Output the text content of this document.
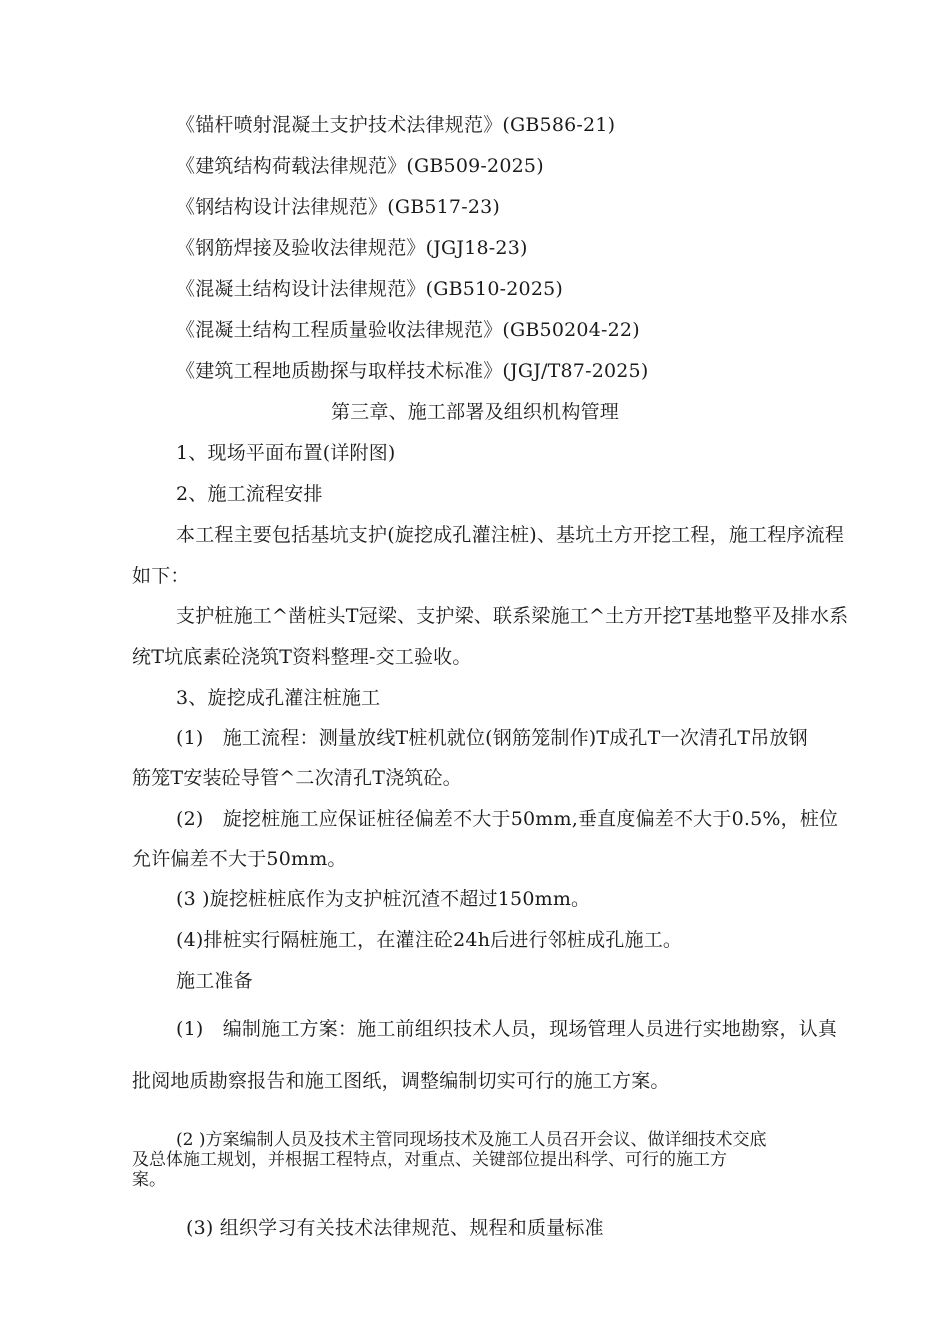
《锚杆喷射混凝土支护技术法律规范》(GB586-21)

《建筑结构荷载法律规范》(GB509-2025)

《钢结构设计法律规范》(GB517-23)

《钢筋焊接及验收法律规范》(JGJ18-23)

《混凝土结构设计法律规范》(GB510-2025)

《混凝土结构工程质量验收法律规范》(GB50204-22)

《建筑工程地质勘探与取样技术标准》(JGJ/T87-2025)

第三章、施工部署及组织机构管理

1、现场平面布置(详附图)

2、施工流程安排

本工程主要包括基坑支护(旋挖成孔灌注桩)、基坑土方开挖工程，施工程序流程

如下：

支护桩施工^凿桩头T冠梁、支护梁、联系梁施工^土方开挖T基地整平及排水系

统T坑底素砼浇筑T资料整理-交工验收。

3、旋挖成孔灌注桩施工

(1)　施工流程：测量放线T桩机就位(钢筋笼制作)T成孔T一次清孔T吊放钢

筋笼T安装砼导管^二次清孔T浇筑砼。

(2)　旋挖桩施工应保证桩径偏差不大于50mm,垂直度偏差不大于0.5%，桩位

允许偏差不大于50mm。

(3 )旋挖桩桩底作为支护桩沉渣不超过150mm。

(4)排桩实行隔桩施工，在灌注砼24h后进行邻桩成孔施工。

施工准备

(1)　编制施工方案：施工前组织技术人员，现场管理人员进行实地勘察，认真

批阅地质勘察报告和施工图纸，调整编制切实可行的施工方案。

(2 )方案编制人员及技术主管同现场技术及施工人员召开会议、做详细技术交底
及总体施工规划，并根据工程特点，对重点、关键部位提出科学、可行的施工方
案。

(3) 组织学习有关技术法律规范、规程和质量标准
